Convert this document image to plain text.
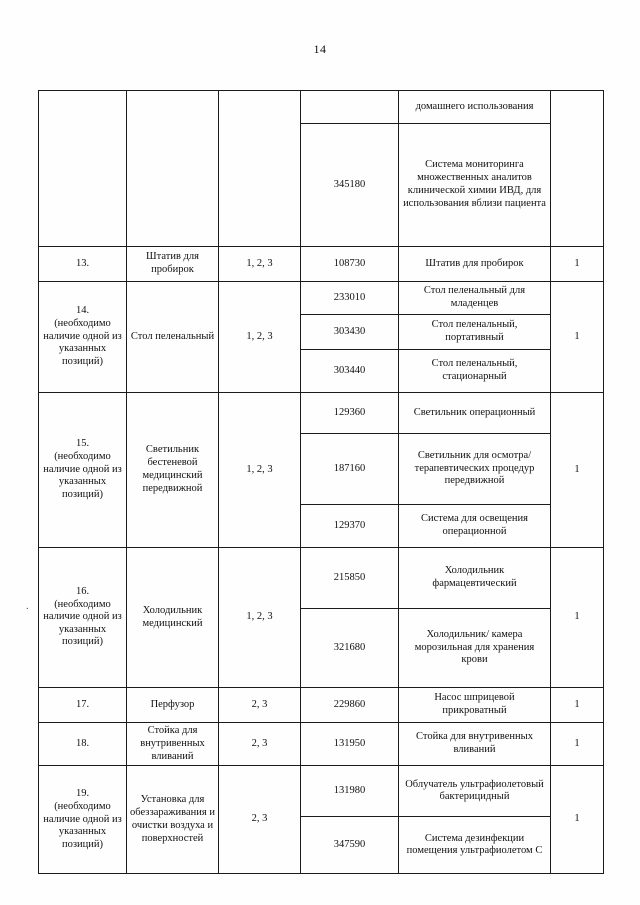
14
.
				домашнего использования	
			345180	Система мониторинга множественных аналитов клинической химии ИВД, для использования вблизи пациента	

13.	Штатив для пробирок	1, 2, 3	108730	Штатив для пробирок	1

14.
(необходимо наличие одной из указанных позиций)	Стол пеленальный	1, 2, 3	233010	Стол пеленальный для младенцев	1
			303430	Стол пеленальный, портативный	
			303440	Стол пеленальный, стационарный	

15.
(необходимо наличие одной из указанных позиций)	Светильник бестеневой медицинский передвижной	1, 2, 3	129360	Светильник операционный	1
			187160	Светильник для осмотра/ терапевтических процедур передвижной	
			129370	Система для освещения операционной	

16.
(необходимо наличие одной из указанных позиций)	Холодильник медицинский	1, 2, 3	215850	Холодильник фармацевтический	1
			321680	Холодильник/ камера морозильная для хранения крови	

17.	Перфузор	2, 3	229860	Насос шприцевой прикроватный	1

18.	Стойка для внутривенных вливаний	2, 3	131950	Стойка для внутривенных вливаний	1

19.
(необходимо наличие одной из указанных позиций)	Установка для обеззараживания и очистки воздуха и поверхностей	2, 3	131980	Облучатель ультрафиолетовый бактерицидный	1
			347590	Система дезинфекции помещения ультрафиолетом С	
